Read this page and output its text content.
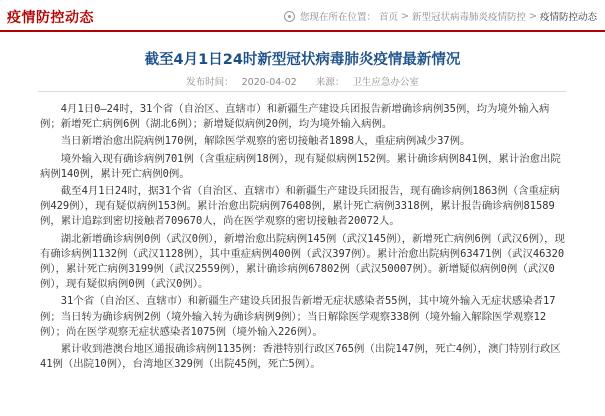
疫情防控动态	您现在所在位置： 首页 > 新型冠状病毒肺炎疫情防控 > 疫情防控动态
截至4月1日24时新型冠状病毒肺炎疫情最新情况
发布时间： 2020-04-02 来源： 卫生应急办公室

4月1日0—24时，31个省（自治区、直辖市）和新疆生产建设兵团报告新增确诊病例35例，均为境外输入病例；新增死亡病例6例（湖北6例）；新增疑似病例20例，均为境外输入病例。

当日新增治愈出院病例170例，解除医学观察的密切接触者1898人，重症病例减少37例。

境外输入现有确诊病例701例（含重症病例18例），现有疑似病例152例。累计确诊病例841例，累计治愈出院病例140例，累计死亡病例0例。

截至4月1日24时，据31个省（自治区、直辖市）和新疆生产建设兵团报告，现有确诊病例1863例（含重症病例429例），现有疑似病例153例。累计治愈出院病例76408例，累计死亡病例3318例，累计报告确诊病例81589例，累计追踪到密切接触者709670人，尚在医学观察的密切接触者20072人。

湖北新增确诊病例0例（武汉0例），新增治愈出院病例145例（武汉145例），新增死亡病例6例（武汉6例），现有确诊病例1132例（武汉1128例），其中重症病例400例（武汉397例）。累计治愈出院病例63471例（武汉46320例），累计死亡病例3199例（武汉2559例），累计确诊病例67802例（武汉50007例）。新增疑似病例0例（武汉0例），现有疑似病例0例（武汉0例）。

31个省（自治区、直辖市）和新疆生产建设兵团报告新增无症状感染者55例，其中境外输入无症状感染者17例；当日转为确诊病例2例（境外输入转为确诊病例9例）；当日解除医学观察338例（境外输入解除医学观察12例）；尚在医学观察无症状感染者1075例（境外输入226例）。

累计收到港澳台地区通报确诊病例1135例：香港特别行政区765例（出院147例，死亡4例），澳门特别行政区41例（出院10例），台湾地区329例（出院45例，死亡5例）。
